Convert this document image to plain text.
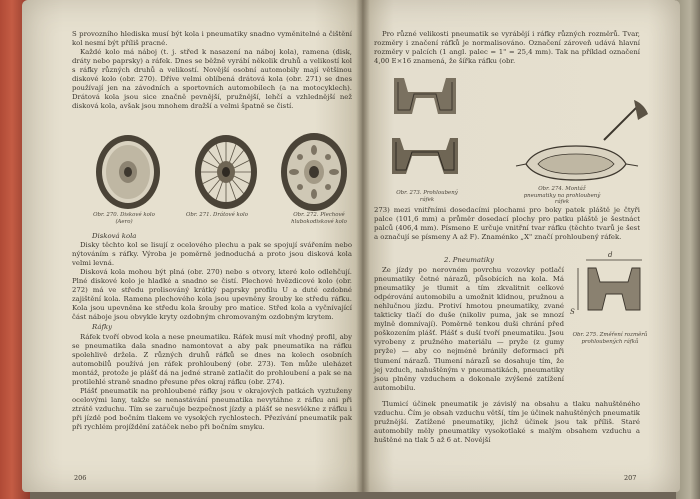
S provozního hlediska musí být kola i pneumatiky snadno vyměnitelné a čištění kol nesmí být příliš pracné.

Každé kolo má náboj (t. j. střed k nasazení na náboj kola), ramena (disk, dráty nebo paprsky) a ráfek. Dnes se běžně vyrábí několik druhů a velikostí kol s ráfky různých druhů a velikostí. Novější osobní automobily mají většinou diskové kolo (obr. 270). Dříve velmi oblíbená drátová kola (obr. 271) se dnes používají jen na závodních a sportovních automobilech (a na motocyklech). Drátová kola jsou sice značně pevnější, pružnější, lehčí a vzhlednější než disková kola, avšak jsou mnohem dražší a velmi špatně se čistí.

Obr. 270. Diskové kolo (Aero)
Obr. 271. Drátové kolo	Obr. 272. Plechové hlubokodiskové kolo

Disková kola

Disky těchto kol se lisují z ocelového plechu a pak se spojují svářením nebo nýtováním s ráfky. Výroba je poměrně jednoduchá a proto jsou disková kola velmi levná.

Disková kola mohou být plná (obr. 270) nebo s otvory, které kolo odlehčují. Plné diskové kolo je hladké a snadno se čistí. Plechové hvězdicové kolo (obr. 272) má ve středu prolisováný krátký paprsky profilu U a duté ozdobné zajištění kola. Ramena plechového kola jsou upevněny šrouby ke středu ráfku. Kola jsou upevněna ke středu kola šrouby pro matice. Střed kola a vyčnívající část náboje jsou obvykle kryty ozdobným chromovaným ozdobným krytem.

Ráfky

Ráfek tvoří obvod kola a nese pneumatiku. Ráfek musí mít vhodný profil, aby se pneumatika dala snadno namontovat a aby pak pneumatika na ráfku spolehlivě držela. Z různých druhů ráfků se dnes na kolech osobních automobilů používá jen ráfek prohloubený (obr. 273). Ten může uleházet montáž, protože je plášť dá na jedné straně zatlačit do prohloubení a pak se na protilehlé straně snadno přesune přes okraj ráfku (obr. 274).

Plášť pneumatik na prohloubené ráfky jsou v okrajových patkách vyztuženy ocelovými lany, takže se nenastávání pneumatika nevytáhne z ráfku ani při ztrátě vzduchu. Tím se zaručuje bezpečnost jízdy a plášť se nesvlékne z ráfku i při jízdě pod bočním tlakem ve vysokých rychlostech. Přezívání pneumatik pak při rychlém projíždění zatáček nebo při bočním smyku.

206

Pro různé velikosti pneumatik se vyrábějí i ráfky různých rozměrů. Tvar, rozměry i značení ráfků je normalisováno. Označení zároveň udává hlavní rozměry v palcích (1 angl. palec = 1" = 25,4 mm). Tak na příklad označení 4,00 E×16 znamená, že šířka ráfku (obr.

Obr. 273. Prohloubený ráfek
Obr. 274. Montáž pneumatiky na prohloubený ráfek

273) mezi vnitřními dosedacími plochami pro boky patek pláště je čtyři palce (101,6 mm) a průměr dosedací plochy pro patku pláště je šestnáct palců (406,4 mm). Písmeno E určuje vnitřní tvar ráfku (těchto tvarů je šest a označují se písmeny A až F). Znaménko „X" značí prohloubený ráfek.

2. Pneumatiky

Ze jízdy po nerovném povrchu vozovky potlačí pneumatiky četné nárazů, působících na kola. Má pneumatiky je tlumit a tím zkvalitnit celkové odpérování automobilu a umožnit klidnou, pružnou a nehlučnou jízdu. Protiví hmotou pneumatiky, zvané takticky tlačí do duše (nikoliv puma, jak se mnozí mylně domnívají). Poměrně tenkou duši chrání před poškozením plášť. Plášť s duší tvoří pneumatiku. Jsou vyrobeny z pružného materiálu — pryže (z gumy pryže) — aby co nejméně bránily deformaci při tlumení nárazů. Tlumení nárazů se dosahuje tím, že jej vzduch, nahuštěným v pneumatikách, pneumatiky jsou plněny vzduchem a dokonale zvýšené zatížení automobilu.

d
S
Obr. 275. Změření rozměrů prohloubených ráfků

Tlumicí účinek pneumatik je závislý na obsahu a tlaku nahuštěného vzduchu. Čím je obsah vzduchu větší, tím je účinek nahuštěných pneumatik pružnější. Zatížené pneumatiky, jichž účinek jsou tak příliš. Staré automobily měly pneumatiky vysokotlaké s malým obsahem vzduchu a huštěné na tlak 5 až 6 at. Novější

207
